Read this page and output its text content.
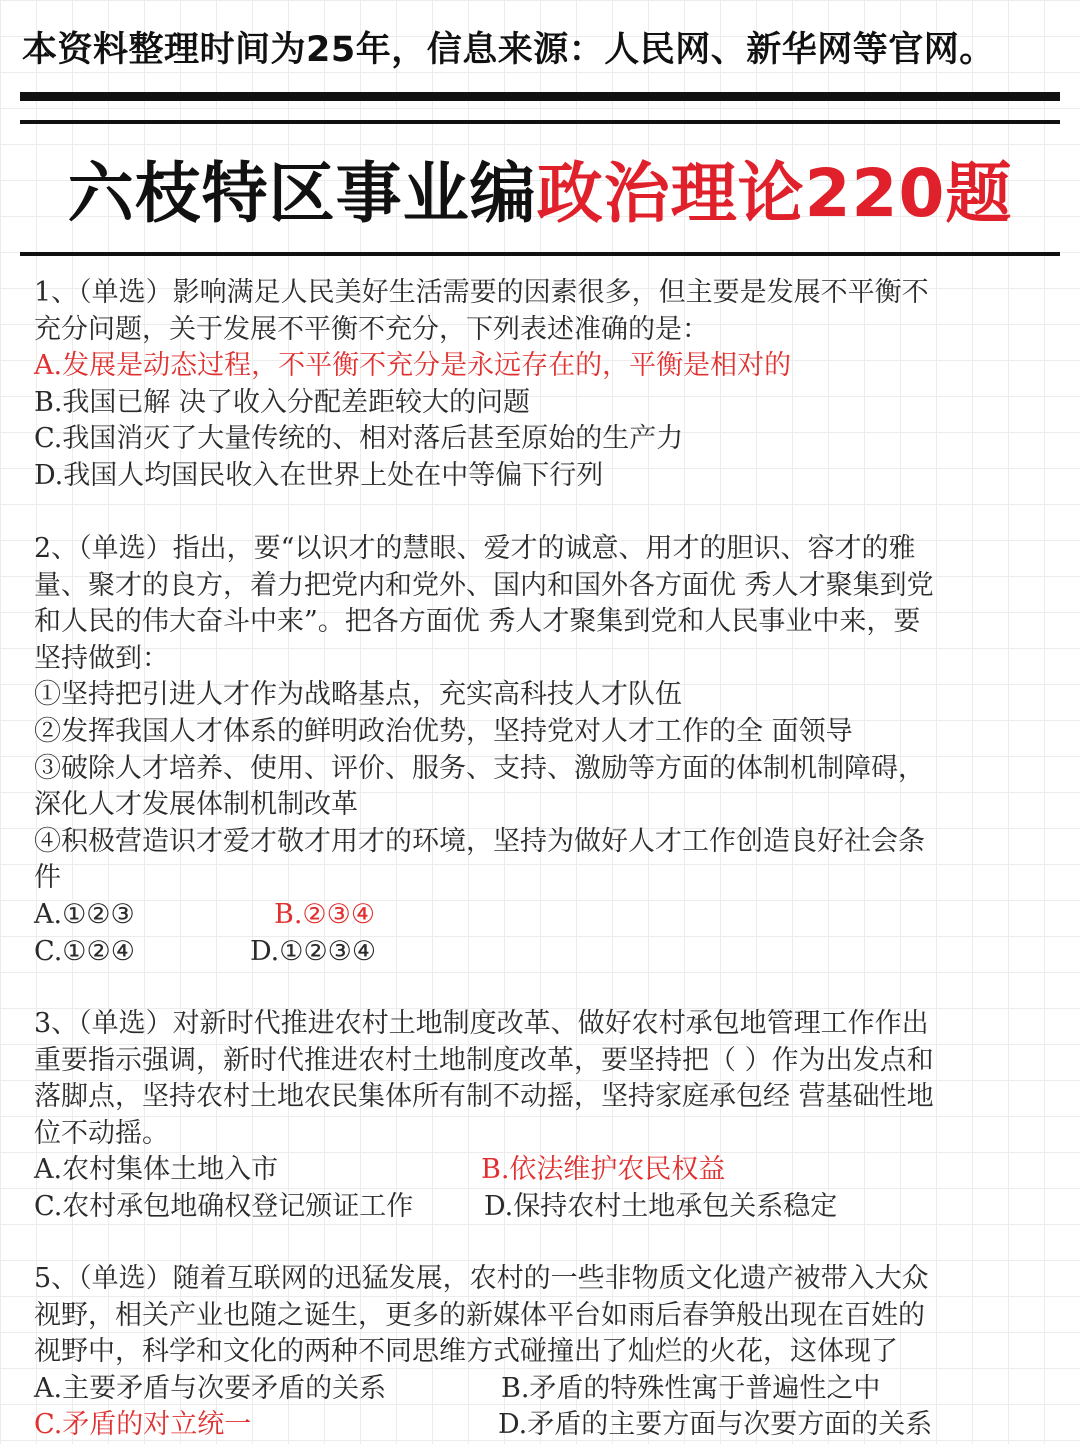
本资料整理时间为25年，信息来源：人民网、新华网等官网。
六枝特区事业编政治理论220题
1、（单选）影响满足人民美好生活需要的因素很多，但主要是发展不平衡不
充分问题，关于发展不平衡不充分，下列表述准确的是：
A.发展是动态过程，不平衡不充分是永远存在的，平衡是相对的
B.我国已解 决了收入分配差距较大的问题
C.我国消灭了大量传统的、相对落后甚至原始的生产力
D.我国人均国民收入在世界上处在中等偏下行列
2、（单选）指出，要“以识才的慧眼、爱才的诚意、用才的胆识、容才的雅
量、聚才的良方，着力把党内和党外、国内和国外各方面优 秀人才聚集到党
和人民的伟大奋斗中来”。把各方面优 秀人才聚集到党和人民事业中来，要
坚持做到：
①坚持把引进人才作为战略基点，充实高科技人才队伍
②发挥我国人才体系的鲜明政治优势，坚持党对人才工作的全 面领导
③破除人才培养、使用、评价、服务、支持、激励等方面的体制机制障碍，
深化人才发展体制机制改革
④积极营造识才爱才敬才用才的环境，坚持为做好人才工作创造良好社会条
件
A.①②③	B.②③④
C.①②④	D.①②③④
3、（单选）对新时代推进农村土地制度改革、做好农村承包地管理工作作出
重要指示强调，新时代推进农村土地制度改革，要坚持把（ ）作为出发点和
落脚点，坚持农村土地农民集体所有制不动摇，坚持家庭承包经 营基础性地
位不动摇。
A.农村集体土地入市	B.依法维护农民权益
C.农村承包地确权登记颁证工作	D.保持农村土地承包关系稳定
5、（单选）随着互联网的迅猛发展，农村的一些非物质文化遗产被带入大众
视野，相关产业也随之诞生，更多的新媒体平台如雨后春笋般出现在百姓的
视野中，科学和文化的两种不同思维方式碰撞出了灿烂的火花，这体现了
A.主要矛盾与次要矛盾的关系	B.矛盾的特殊性寓于普遍性之中
C.矛盾的对立统一	D.矛盾的主要方面与次要方面的关系
